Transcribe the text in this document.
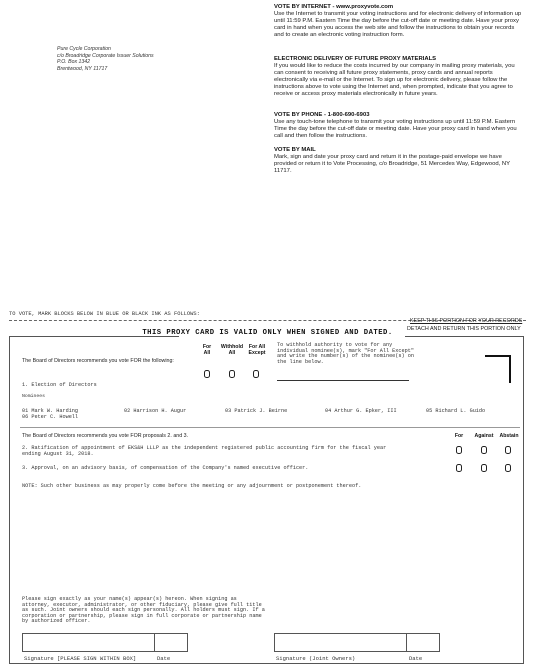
Pure Cycle Corporation
c/o Broadridge Corporate Issuer Solutions
P.O. Box 1342
Brentwood, NY 11717

VOTE BY INTERNET - www.proxyvote.com

Use the Internet to transmit your voting instructions and for electronic delivery of information up until 11:59 P.M. Eastern Time the day before the cut-off date or meeting date. Have your proxy card in hand when you access the web site and follow the instructions to obtain your records and to create an electronic voting instruction form.

ELECTRONIC DELIVERY OF FUTURE PROXY MATERIALS

If you would like to reduce the costs incurred by our company in mailing proxy materials, you can consent to receiving all future proxy statements, proxy cards and annual reports electronically via e-mail or the Internet. To sign up for electronic delivery, please follow the instructions above to vote using the Internet and, when prompted, indicate that you agree to receive or access proxy materials electronically in future years.

VOTE BY PHONE - 1-800-690-6903

Use any touch-tone telephone to transmit your voting instructions up until 11:59 P.M. Eastern Time the day before the cut-off date or meeting date. Have your proxy card in hand when you call and then follow the instructions.

VOTE BY MAIL

Mark, sign and date your proxy card and return it in the postage-paid envelope we have provided or return it to Vote Processing, c/o Broadridge, 51 Mercedes Way, Edgewood, NY 11717.

TO VOTE, MARK BLOCKS BELOW IN BLUE OR BLACK INK AS FOLLOWS:
KEEP THIS PORTION FOR YOUR RECORDS
DETACH AND RETURN THIS PORTION ONLY
THIS PROXY CARD IS VALID ONLY WHEN SIGNED AND DATED.
The Board of Directors recommends you vote FOR the following:
For All
Withhold All
For All Except
To withhold authority to vote for any individual nominee(s), mark "For All Except" and write the number(s) of the nominee(s) on the line below.
1. Election of Directors
Nominees
01 Mark W. Harding	02 Harrison H. Augur	03 Patrick J. Beirne	04 Arthur G. Epker, III	05 Richard L. Guido
06 Peter C. Howell
The Board of Directors recommends you vote FOR proposals 2. and 3.	For	Against	Abstain
2. Ratification of appointment of EKS&H LLLP as the independent registered public accounting firm for the fiscal year ending August 31, 2018.
3. Approval, on an advisory basis, of compensation of the Company's named executive officer.
NOTE: Such other business as may properly come before the meeting or any adjournment or postponement thereof.
Please sign exactly as your name(s) appear(s) hereon. When signing as attorney, executor, administrator, or other fiduciary, please give full title as such. Joint owners should each sign personally. All holders must sign. If a corporation or partnership, please sign in full corporate or partnership name by authorized officer.
Signature [PLEASE SIGN WITHIN BOX]	Date	Signature (Joint Owners)	Date
